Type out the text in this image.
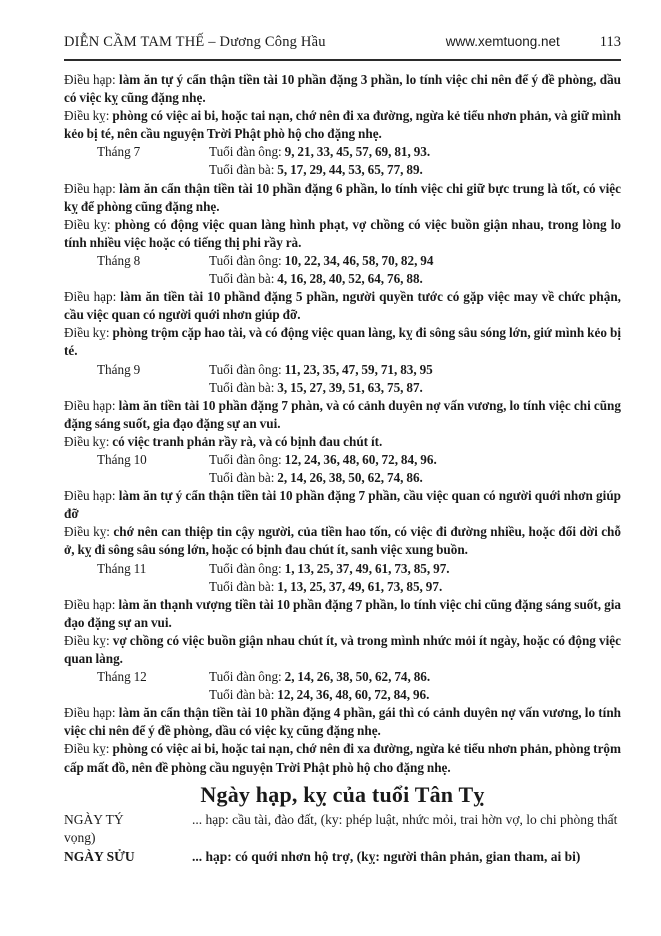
DIỄN CẦM TAM THẾ – Dương Công Hầu	www.xemtuong.net	113

Điều hạp: làm ăn tự ý cẩn thận tiền tài 10 phần đặng 3 phần, lo tính việc chi nên để ý đề phòng, dầu có việc kỵ cũng đặng nhẹ.

Điều kỵ: phòng có việc ai bi, hoặc tai nạn, chớ nên đi xa đường, ngừa kẻ tiểu nhơn phản, và giữ mình kẻo bị té, nên cầu nguyện Trời Phật phò hộ cho đặng nhẹ.

Tháng 7	Tuổi đàn ông: 9, 21, 33, 45, 57, 69, 81, 93.

Tuổi đàn bà: 5, 17, 29, 44, 53, 65, 77, 89.

Điều hạp: làm ăn cẩn thận tiền tài 10 phần đặng 6 phần, lo tính việc chi giữ bực trung là tốt, có việc kỵ để phòng cũng đặng nhẹ.

Điều kỵ: phòng có động việc quan làng hình phạt, vợ chồng có việc buồn giận nhau, trong lòng lo tính nhiều việc hoặc có tiếng thị phi rầy rà.

Tháng 8	Tuổi đàn ông: 10, 22, 34, 46, 58, 70, 82, 94

Tuổi đàn bà: 4, 16, 28, 40, 52, 64, 76, 88.

Điều hạp: làm ăn tiền tài 10 phầnd đặng 5 phần, người quyền tước có gặp việc may về chức phận, cầu việc quan có người quới nhơn giúp đỡ.

Điều kỵ: phòng trộm cặp hao tài, và có động việc quan làng, kỵ đi sông sâu sóng lớn, giứ mình kẻo bị té.

Tháng 9	Tuổi đàn ông: 11, 23, 35, 47, 59, 71, 83, 95

Tuổi đàn bà: 3, 15, 27, 39, 51, 63, 75, 87.

Điều hạp: làm ăn tiền tài 10 phần đặng 7 phàn, và có cảnh duyên nợ vấn vương, lo tính việc chi cũng đặng sáng suốt, gia đạo đặng sự an vui.

Điều kỵ: có việc tranh phản rầy rà, và có bịnh đau chút ít.

Tháng 10	Tuổi đàn ông: 12, 24, 36, 48, 60, 72, 84, 96.

Tuổi đàn bà: 2, 14, 26, 38, 50, 62, 74, 86.

Điều hạp: làm ăn tự ý cẩn thận tiền tài 10 phần đặng 7 phần, cầu việc quan có người quới nhơn giúp đỡ

Điều kỵ: chớ nên can thiệp tin cậy người, của tiền hao tốn, có việc đi đường nhiều, hoặc đổi dời chỗ ở, kỵ đi sông sâu sóng lớn, hoặc có bịnh đau chút ít, sanh việc xung buồn.

Tháng 11	Tuổi đàn ông: 1, 13, 25, 37, 49, 61, 73, 85, 97.

Tuổi đàn bà: 1, 13, 25, 37, 49, 61, 73, 85, 97.

Điều hạp: làm ăn thạnh vượng tiền tài 10 phần đặng 7 phần, lo tính việc chi cũng đặng sáng suốt, gia đạo đặng sự an vui.

Điều kỵ: vợ chồng có việc buồn giận nhau chút ít, và trong mình nhức mỏi ít ngày, hoặc có động việc quan làng.

Tháng 12	Tuổi đàn ông: 2, 14, 26, 38, 50, 62, 74, 86.

Tuổi đàn bà: 12, 24, 36, 48, 60, 72, 84, 96.

Điều hạp: làm ăn cẩn thận tiền tài 10 phần đặng 4 phần, gái thì có cảnh duyên nợ vấn vương, lo tính việc chi nên để ý đề phòng, dầu có việc kỵ cũng đặng nhẹ.

Điều kỵ: phòng có việc ai bi, hoặc tai nạn, chớ nên đi xa đường, ngừa kẻ tiểu nhơn phản, phòng trộm cấp mất đồ, nên đề phòng cầu nguyện Trời Phật phò hộ cho đặng nhẹ.

Ngày hạp, kỵ của tuổi Tân Tỵ

NGÀY TÝ	... hạp: cầu tài, đào đất, (ky: phép luật, nhức mỏi, trai hờn vợ, lo chi phòng thất vọng)

NGÀY SỬU	... hạp: có quới nhơn hộ trợ, (kỵ: người thân phản, gian tham, ai bi)
